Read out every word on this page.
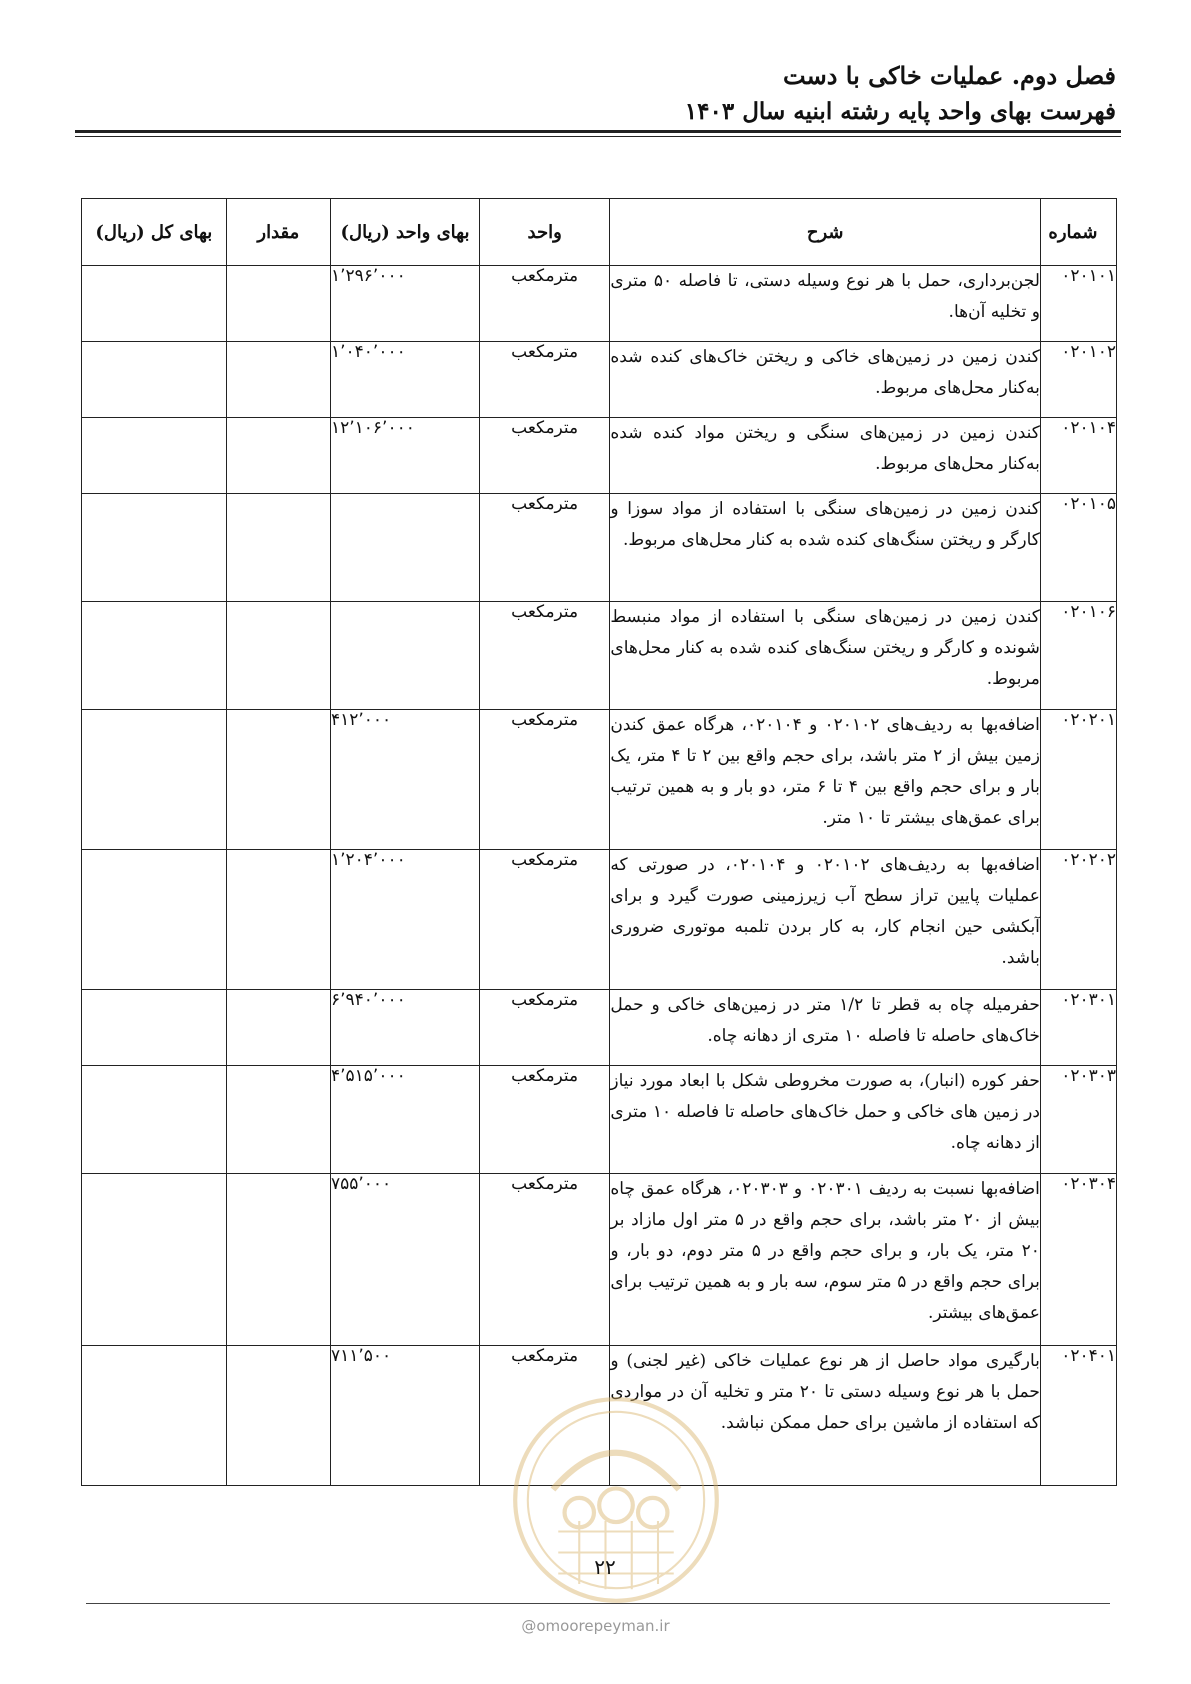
فصل دوم. عملیات خاکی با دست
فهرست بهای واحد پایه رشته ابنیه سال ۱۴۰۳
شماره	شرح	واحد	بهای واحد (ریال)	مقدار	بهای کل (ریال)
۰۲۰۱۰۱	لجن‌برداری، حمل با هر نوع وسیله دستی، تا فاصله ۵۰ متری و تخلیه آن‌ها.	مترمکعب	۱٬۲۹۶٬۰۰۰		
۰۲۰۱۰۲	کندن زمین در زمین‌های خاکی و ریختن خاک‌های کنده شده به‌کنار محل‌های مربوط.	مترمکعب	۱٬۰۴۰٬۰۰۰		
۰۲۰۱۰۴	کندن زمین در زمین‌های سنگی و ریختن مواد کنده شده به‌کنار محل‌های مربوط.	مترمکعب	۱۲٬۱۰۶٬۰۰۰		
۰۲۰۱۰۵	کندن زمین در زمین‌های سنگی با استفاده از مواد سوزا و کارگر و ریختن سنگ‌های کنده شده به کنار محل‌های مربوط.	مترمکعب			
۰۲۰۱۰۶	کندن زمین در زمین‌های سنگی با استفاده از مواد منبسط شونده و کارگر و ریختن سنگ‌های کنده شده به کنار محل‌های مربوط.	مترمکعب			
۰۲۰۲۰۱	اضافه‌بها به ردیف‌های ۰۲۰۱۰۲ و ۰۲۰۱۰۴، هرگاه عمق کندن زمین بیش از ۲ متر باشد، برای حجم واقع بین ۲ تا ۴ متر، یک بار و برای حجم واقع بین ۴ تا ۶ متر، دو بار و به همین ترتیب برای عمق‌های بیشتر تا ۱۰ متر.	مترمکعب	۴۱۲٬۰۰۰		
۰۲۰۲۰۲	اضافه‌بها به ردیف‌های ۰۲۰۱۰۲ و ۰۲۰۱۰۴، در صورتی که عملیات پایین تراز سطح آب زیرزمینی صورت گیرد و برای آبکشی حین انجام کار، به کار بردن تلمبه موتوری ضروری باشد.	مترمکعب	۱٬۲۰۴٬۰۰۰		
۰۲۰۳۰۱	حفرمیله چاه به قطر تا ۱/۲ متر در زمین‌های خاکی و حمل خاک‌های حاصله تا فاصله ۱۰ متری از دهانه چاه.	مترمکعب	۶٬۹۴۰٬۰۰۰		
۰۲۰۳۰۳	حفر کوره (انبار)، به صورت مخروطی شکل با ابعاد مورد نیاز در زمین های خاکی و حمل خاک‌های حاصله تا فاصله ۱۰ متری از دهانه چاه.	مترمکعب	۴٬۵۱۵٬۰۰۰		
۰۲۰۳۰۴	اضافه‌بها نسبت به ردیف ۰۲۰۳۰۱ و ۰۲۰۳۰۳، هرگاه عمق چاه بیش از ۲۰ متر باشد، برای حجم واقع در ۵ متر اول مازاد بر ۲۰ متر، یک بار، و برای حجم واقع در ۵ متر دوم، دو بار، و برای حجم واقع در ۵ متر سوم، سه بار و به همین ترتیب برای عمق‌های بیشتر.	مترمکعب	۷۵۵٬۰۰۰		
۰۲۰۴۰۱	بارگیری مواد حاصل از هر نوع عملیات خاکی (غیر لجنی) و حمل با هر نوع وسیله دستی تا ۲۰ متر و تخلیه آن در مواردی که استفاده از ماشین برای حمل ممکن نباشد.	مترمکعب	۷۱۱٬۵۰۰		
۲۲
@omoorepeyman.ir
